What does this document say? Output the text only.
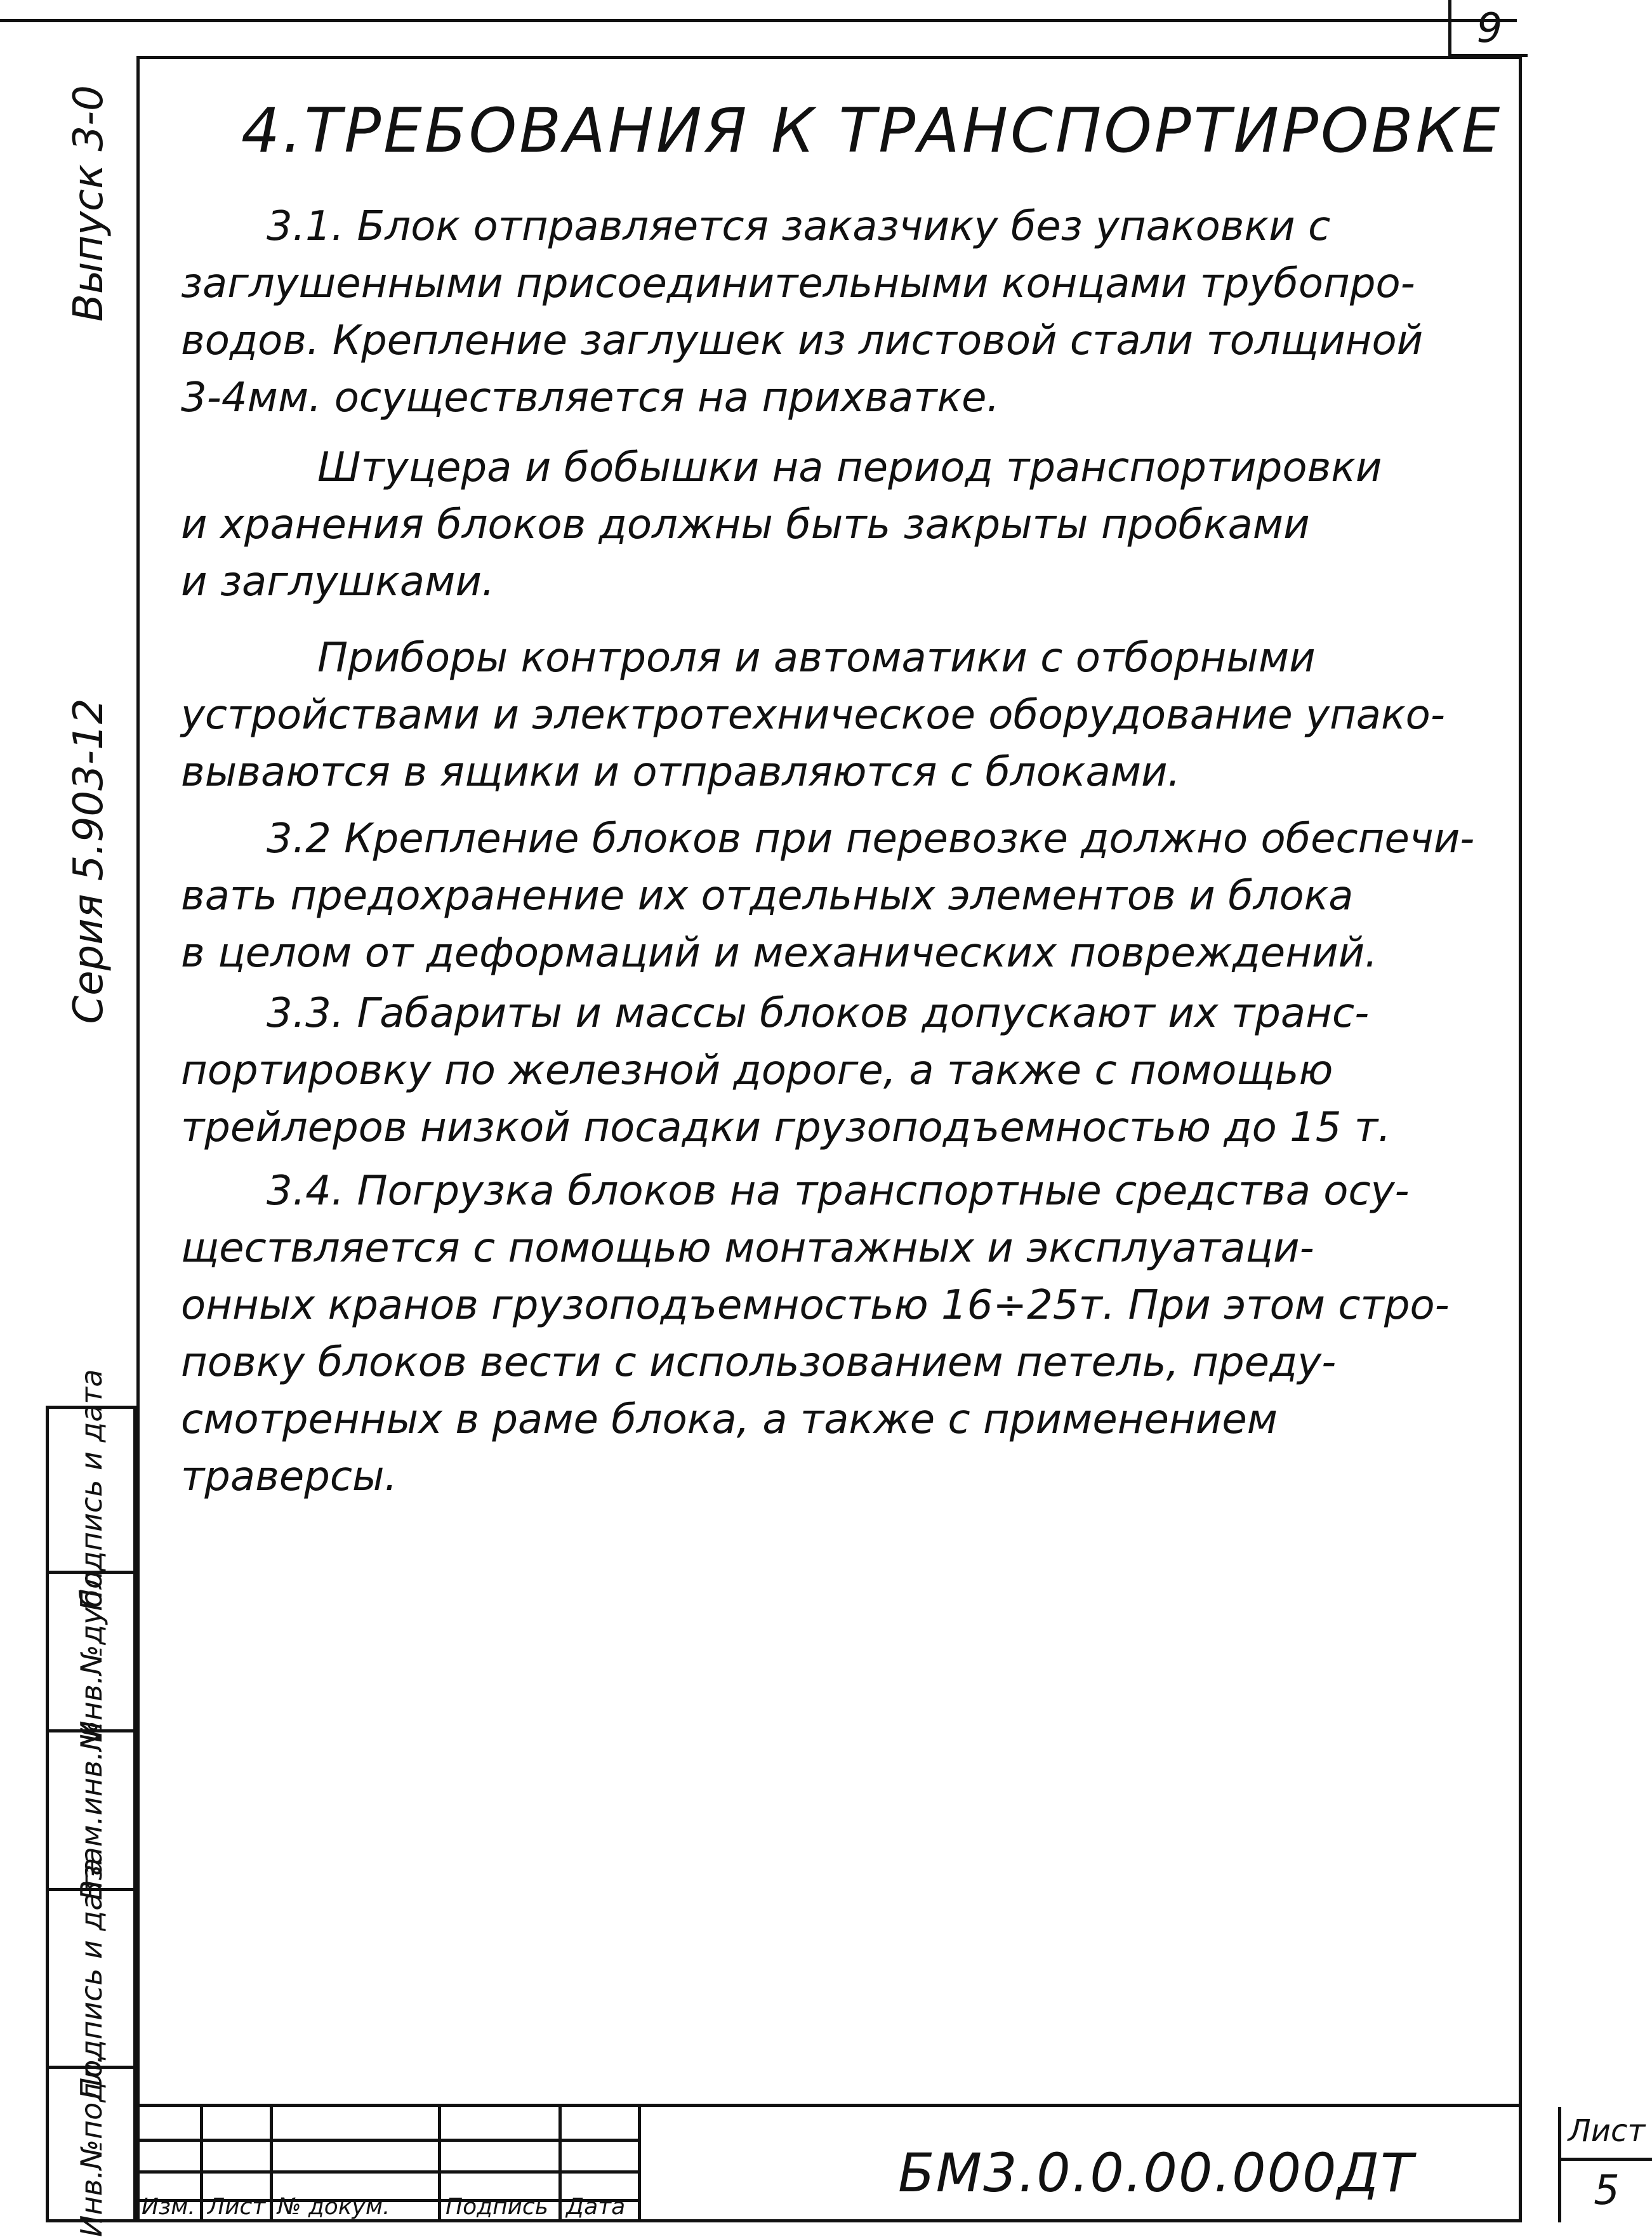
9
Выпуск 3-0
Серия 5.903-12
Инв.№подл.
Подпись и дата
Взам.инв.№
Инв.№дубл.
Подпись и дата
4.ТРЕБОВАНИЯ К ТРАНСПОРТИРОВКЕ
3.1. Блок отправляется заказчику без упаковки с
заглушенными присоединительными концами трубопро-
водов. Крепление заглушек из листовой стали толщиной
3-4мм. осуществляется на прихватке.
Штуцера и бобышки на период транспортировки
и хранения блоков должны быть закрыты пробками
и заглушками.
Приборы контроля и автоматики с отборными
устройствами и электротехническое оборудование упако-
вываются в ящики и отправляются с блоками.
3.2 Крепление блоков при перевозке должно обеспечи-
вать предохранение их отдельных элементов и блока
в целом от деформаций и механических повреждений.
3.3. Габариты и массы блоков допускают их транс-
портировку по железной дороге, а также с помощью
трейлеров низкой посадки грузоподъемностью до 15 т.
3.4. Погрузка блоков на транспортные средства осу-
ществляется с помощью монтажных и эксплуатаци-
онных кранов грузоподъемностью 16÷25т. При этом стро-
повку блоков вести с использованием петель, преду-
смотренных в раме блока, а также с применением
траверсы.
Изм. Лист № докум. Подпись Дата
БМ3.0.0.00.000ДТ
Лист
5
